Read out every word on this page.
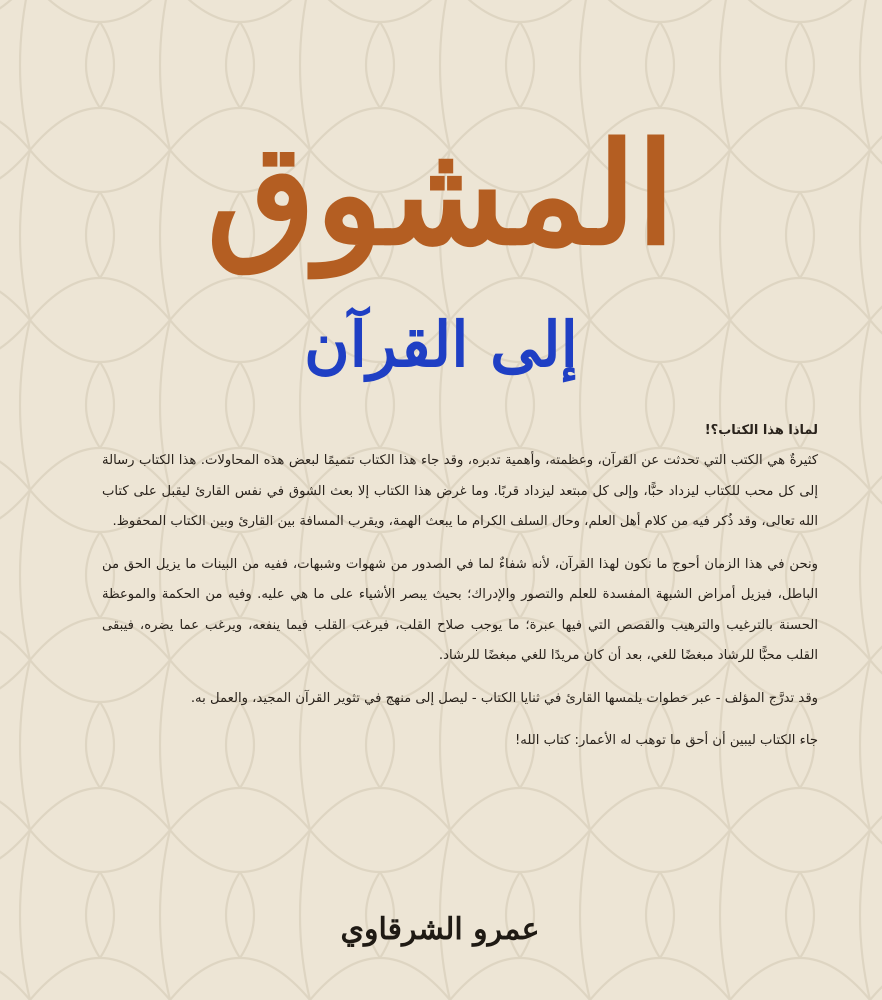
المشوق
إلى القرآن

لماذا هذا الكتاب؟!

كثيرةٌ هي الكتب التي تحدثت عن القرآن، وعظمته، وأهمية تدبره، وقد جاء هذا الكتاب تتميمًا لبعض هذه المحاولات. هذا الكتاب رسالة إلى كل محب للكتاب ليزداد حبًّا، وإلى كل مبتعد ليزداد قربًا. وما غرض هذا الكتاب إلا بعث الشوق في نفس القارئ ليقبل على كتاب الله تعالى، وقد ذُكر فيه من كلام أهل العلم، وحال السلف الكرام ما يبعث الهمة، ويقرب المسافة بين القارئ وبين الكتاب المحفوظ.

ونحن في هذا الزمان أحوج ما نكون لهذا القرآن، لأنه شفاءٌ لما في الصدور من شهوات وشبهات، ففيه من البينات ما يزيل الحق من الباطل، فيزيل أمراض الشبهة المفسدة للعلم والتصور والإدراك؛ بحيث يبصر الأشياء على ما هي عليه. وفيه من الحكمة والموعظة الحسنة بالترغيب والترهيب والقصص التي فيها عبرة؛ ما يوجب صلاح القلب، فيرغب القلب فيما ينفعه، ويرغب عما يضره، فيبقى القلب محبًّا للرشاد مبغضًا للغي، بعد أن كان مريدًا للغي مبغضًا للرشاد.

وقد تدرَّج المؤلف - عبر خطوات يلمسها القارئ في ثنايا الكتاب - ليصل إلى منهج في تثوير القرآن المجيد، والعمل به.

جاء الكتاب ليبين أن أحق ما توهب له الأعمار: كتاب الله!

عمرو الشرقاوي
